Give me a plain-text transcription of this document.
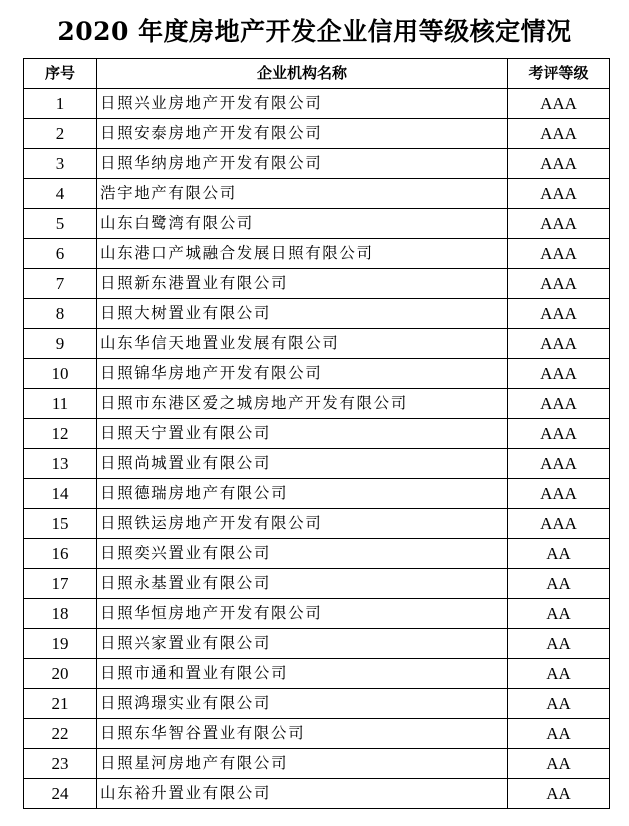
2020 年度房地产开发企业信用等级核定情况
序号	企业机构名称	考评等级
1	日照兴业房地产开发有限公司	AAA
2	日照安泰房地产开发有限公司	AAA
3	日照华纳房地产开发有限公司	AAA
4	浩宇地产有限公司	AAA
5	山东白鹭湾有限公司	AAA
6	山东港口产城融合发展日照有限公司	AAA
7	日照新东港置业有限公司	AAA
8	日照大树置业有限公司	AAA
9	山东华信天地置业发展有限公司	AAA
10	日照锦华房地产开发有限公司	AAA
11	日照市东港区爱之城房地产开发有限公司	AAA
12	日照天宁置业有限公司	AAA
13	日照尚城置业有限公司	AAA
14	日照德瑞房地产有限公司	AAA
15	日照铁运房地产开发有限公司	AAA
16	日照奕兴置业有限公司	AA
17	日照永基置业有限公司	AA
18	日照华恒房地产开发有限公司	AA
19	日照兴家置业有限公司	AA
20	日照市通和置业有限公司	AA
21	日照鸿璟实业有限公司	AA
22	日照东华智谷置业有限公司	AA
23	日照星河房地产有限公司	AA
24	山东裕升置业有限公司	AA
